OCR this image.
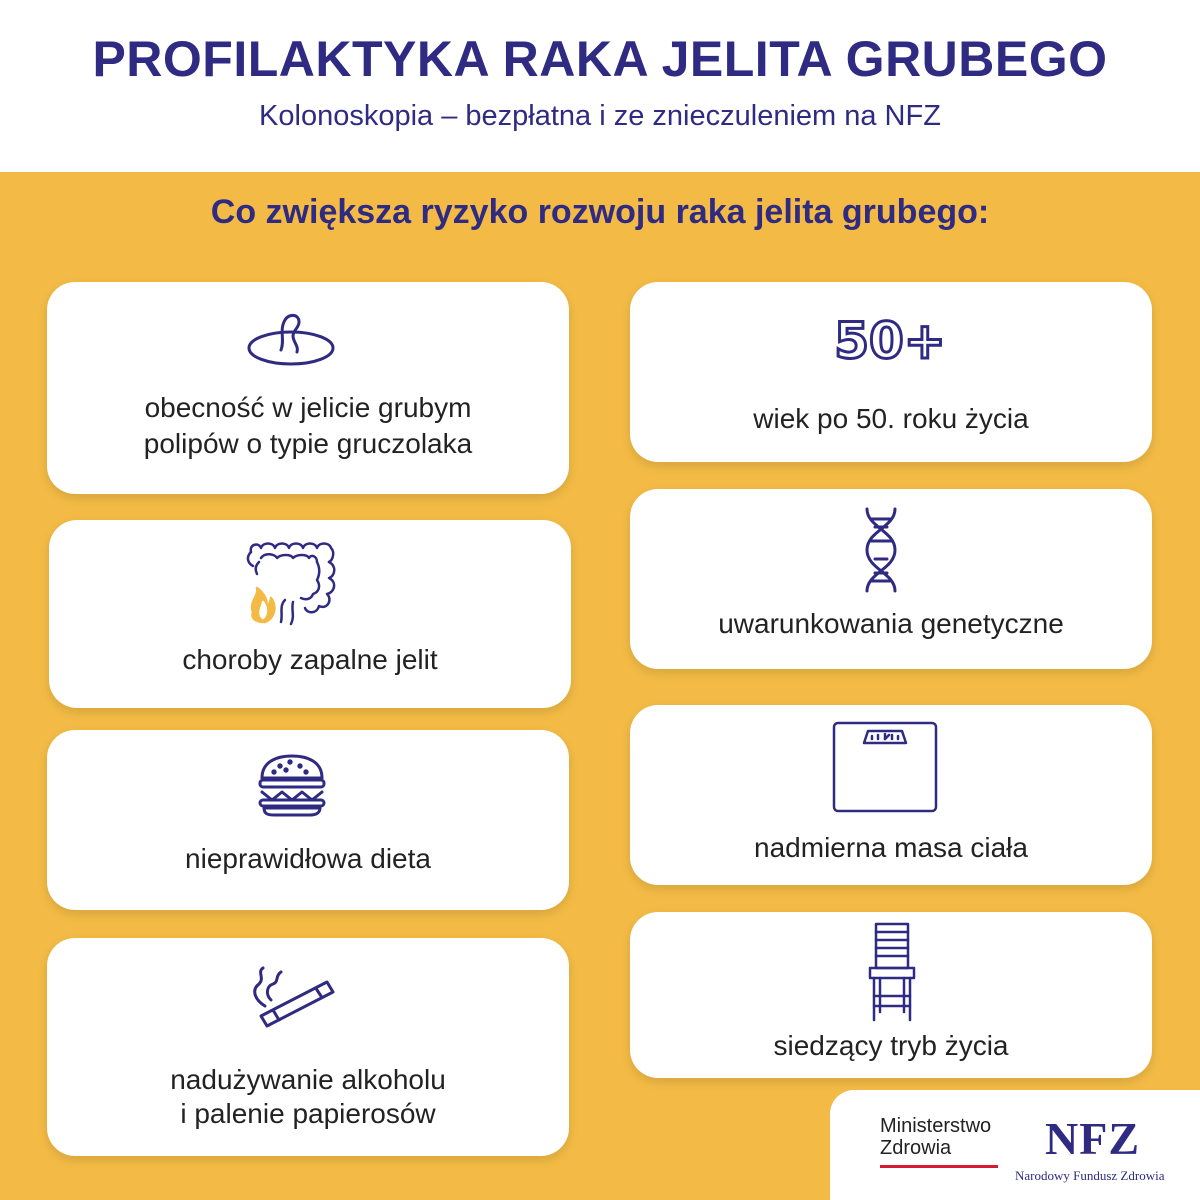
PROFILAKTYKA RAKA JELITA GRUBEGO
Kolonoskopia – bezpłatna i ze znieczuleniem na NFZ
Co zwiększa ryzyko rozwoju raka jelita grubego:
obecność w jelicie grubym
polipów o typie gruczolaka
choroby zapalne jelit
nieprawidłowa dieta
nadużywanie alkoholu
i palenie papierosów
50+
wiek po 50. roku życia
uwarunkowania genetyczne
nadmierna masa ciała
siedzący tryb życia
Ministerstwo
Zdrowia	NFZ
Narodowy Fundusz Zdrowia
